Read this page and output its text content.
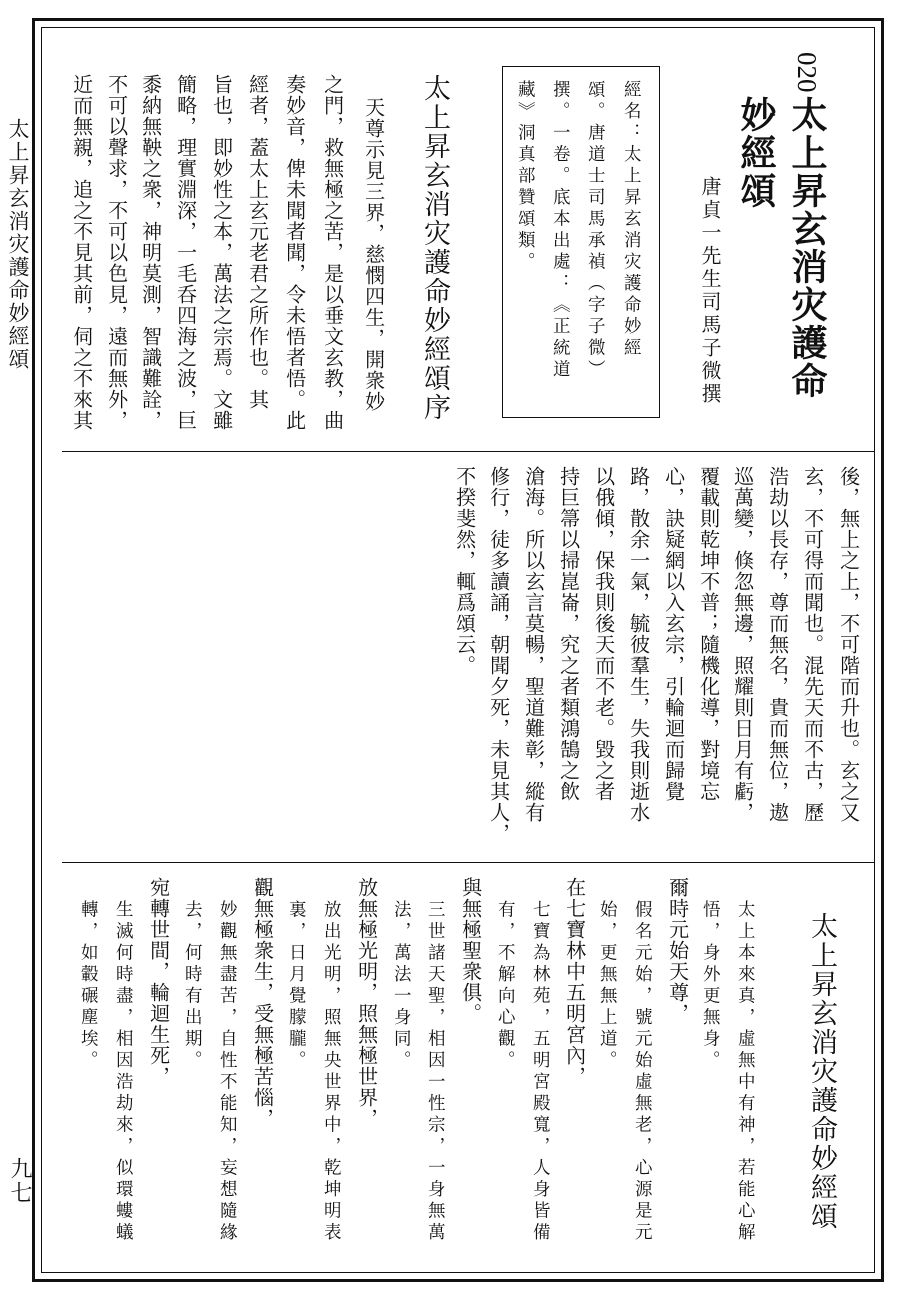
太上昇玄消灾護命妙經頌
九七
020
太上昇玄消灾護命
妙經頌
唐貞一先生司馬子微撰
經名：太上昇玄消灾護命妙經
頌。唐道士司馬承禎（字子微）
撰。一卷。底本出處：《正統道
藏》洞真部贊頌類。
太上昇玄消灾護命妙經頌序
天尊示見三界，慈憫四生，開衆妙
之門，救無極之苦，是以垂文玄教，曲
奏妙音，俾未聞者聞，令未悟者悟。此
經者，蓋太上玄元老君之所作也。其
旨也，即妙性之本，萬法之宗焉。文雖
簡略，理實淵深，一毛呑四海之波，巨
黍納無鞅之衆，神明莫測，智識難詮，
不可以聲求，不可以色見，遠而無外，
近而無親，追之不見其前，伺之不來其
後，無上之上，不可階而升也。玄之又
玄，不可得而聞也。混先天而不古，歷
浩劫以長存，尊而無名，貴而無位，遨
巡萬變，倏忽無邊，照耀則日月有虧，
覆載則乾坤不普；隨機化導，對境忘
心，訣疑網以入玄宗，引輪迴而歸覺
路，散余一氣，毓彼羣生，失我則逝水
以俄傾，保我則後天而不老。毀之者
持巨箒以掃崑崙，究之者類鴻鵠之飲
滄海。所以玄言莫暢，聖道難彰，縱有
修行，徒多讀誦，朝聞夕死，未見其人，
不揆斐然，輒爲頌云。
太上昇玄消灾護命妙經頌
太上本來真，虛無中有神，若能心解
悟，身外更無身。
爾時元始天尊，
假名元始，號元始虛無老，心源是元
始，更無無上道。
在七寶林中五明宮內，
七寶為林苑，五明宮殿寬，人身皆備
有，不解向心觀。
與無極聖衆俱。
三世諸天聖，相因一性宗，一身無萬
法，萬法一身同。
放無極光明，照無極世界，
放出光明，照無央世界中，乾坤明表
裏，日月覺朦朧。
觀無極衆生，受無極苦惱，
妙觀無盡苦，自性不能知，妄想隨緣
去，何時有出期。
宛轉世間，輪迴生死，
生滅何時盡，相因浩劫來，似環螻蟻
轉，如轂碾塵埃。
